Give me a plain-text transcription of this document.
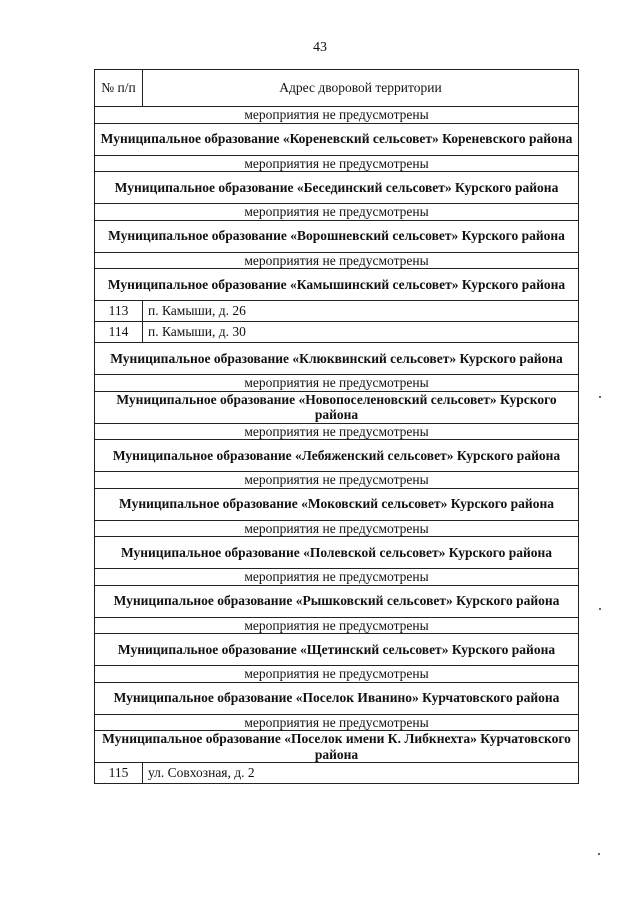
43
№ п/п	Адрес дворовой территории
мероприятия не предусмотрены	
Муниципальное образование «Кореневский сельсовет» Кореневского района	
мероприятия не предусмотрены	
Муниципальное образование «Бесединский сельсовет» Курского района	
мероприятия не предусмотрены	
Муниципальное образование «Ворошневский сельсовет» Курского района	
мероприятия не предусмотрены	
Муниципальное образование «Камышинский сельсовет» Курского района	
113	п. Камыши, д. 26
114	п. Камыши, д. 30
Муниципальное образование «Клюквинский сельсовет» Курского района	
мероприятия не предусмотрены	
Муниципальное образование «Новопоселеновский сельсовет» Курского района	
мероприятия не предусмотрены	
Муниципальное образование «Лебяженский сельсовет» Курского района	
мероприятия не предусмотрены	
Муниципальное образование «Моковский сельсовет» Курского района	
мероприятия не предусмотрены	
Муниципальное образование «Полевской сельсовет» Курского района	
мероприятия не предусмотрены	
Муниципальное образование «Рышковский сельсовет» Курского района	
мероприятия не предусмотрены	
Муниципальное образование «Щетинский сельсовет» Курского района	
мероприятия не предусмотрены	
Муниципальное образование «Поселок Иванино» Курчатовского района	
мероприятия не предусмотрены	
Муниципальное образование «Поселок имени К. Либкнехта» Курчатовского района	
115	ул. Совхозная, д. 2
